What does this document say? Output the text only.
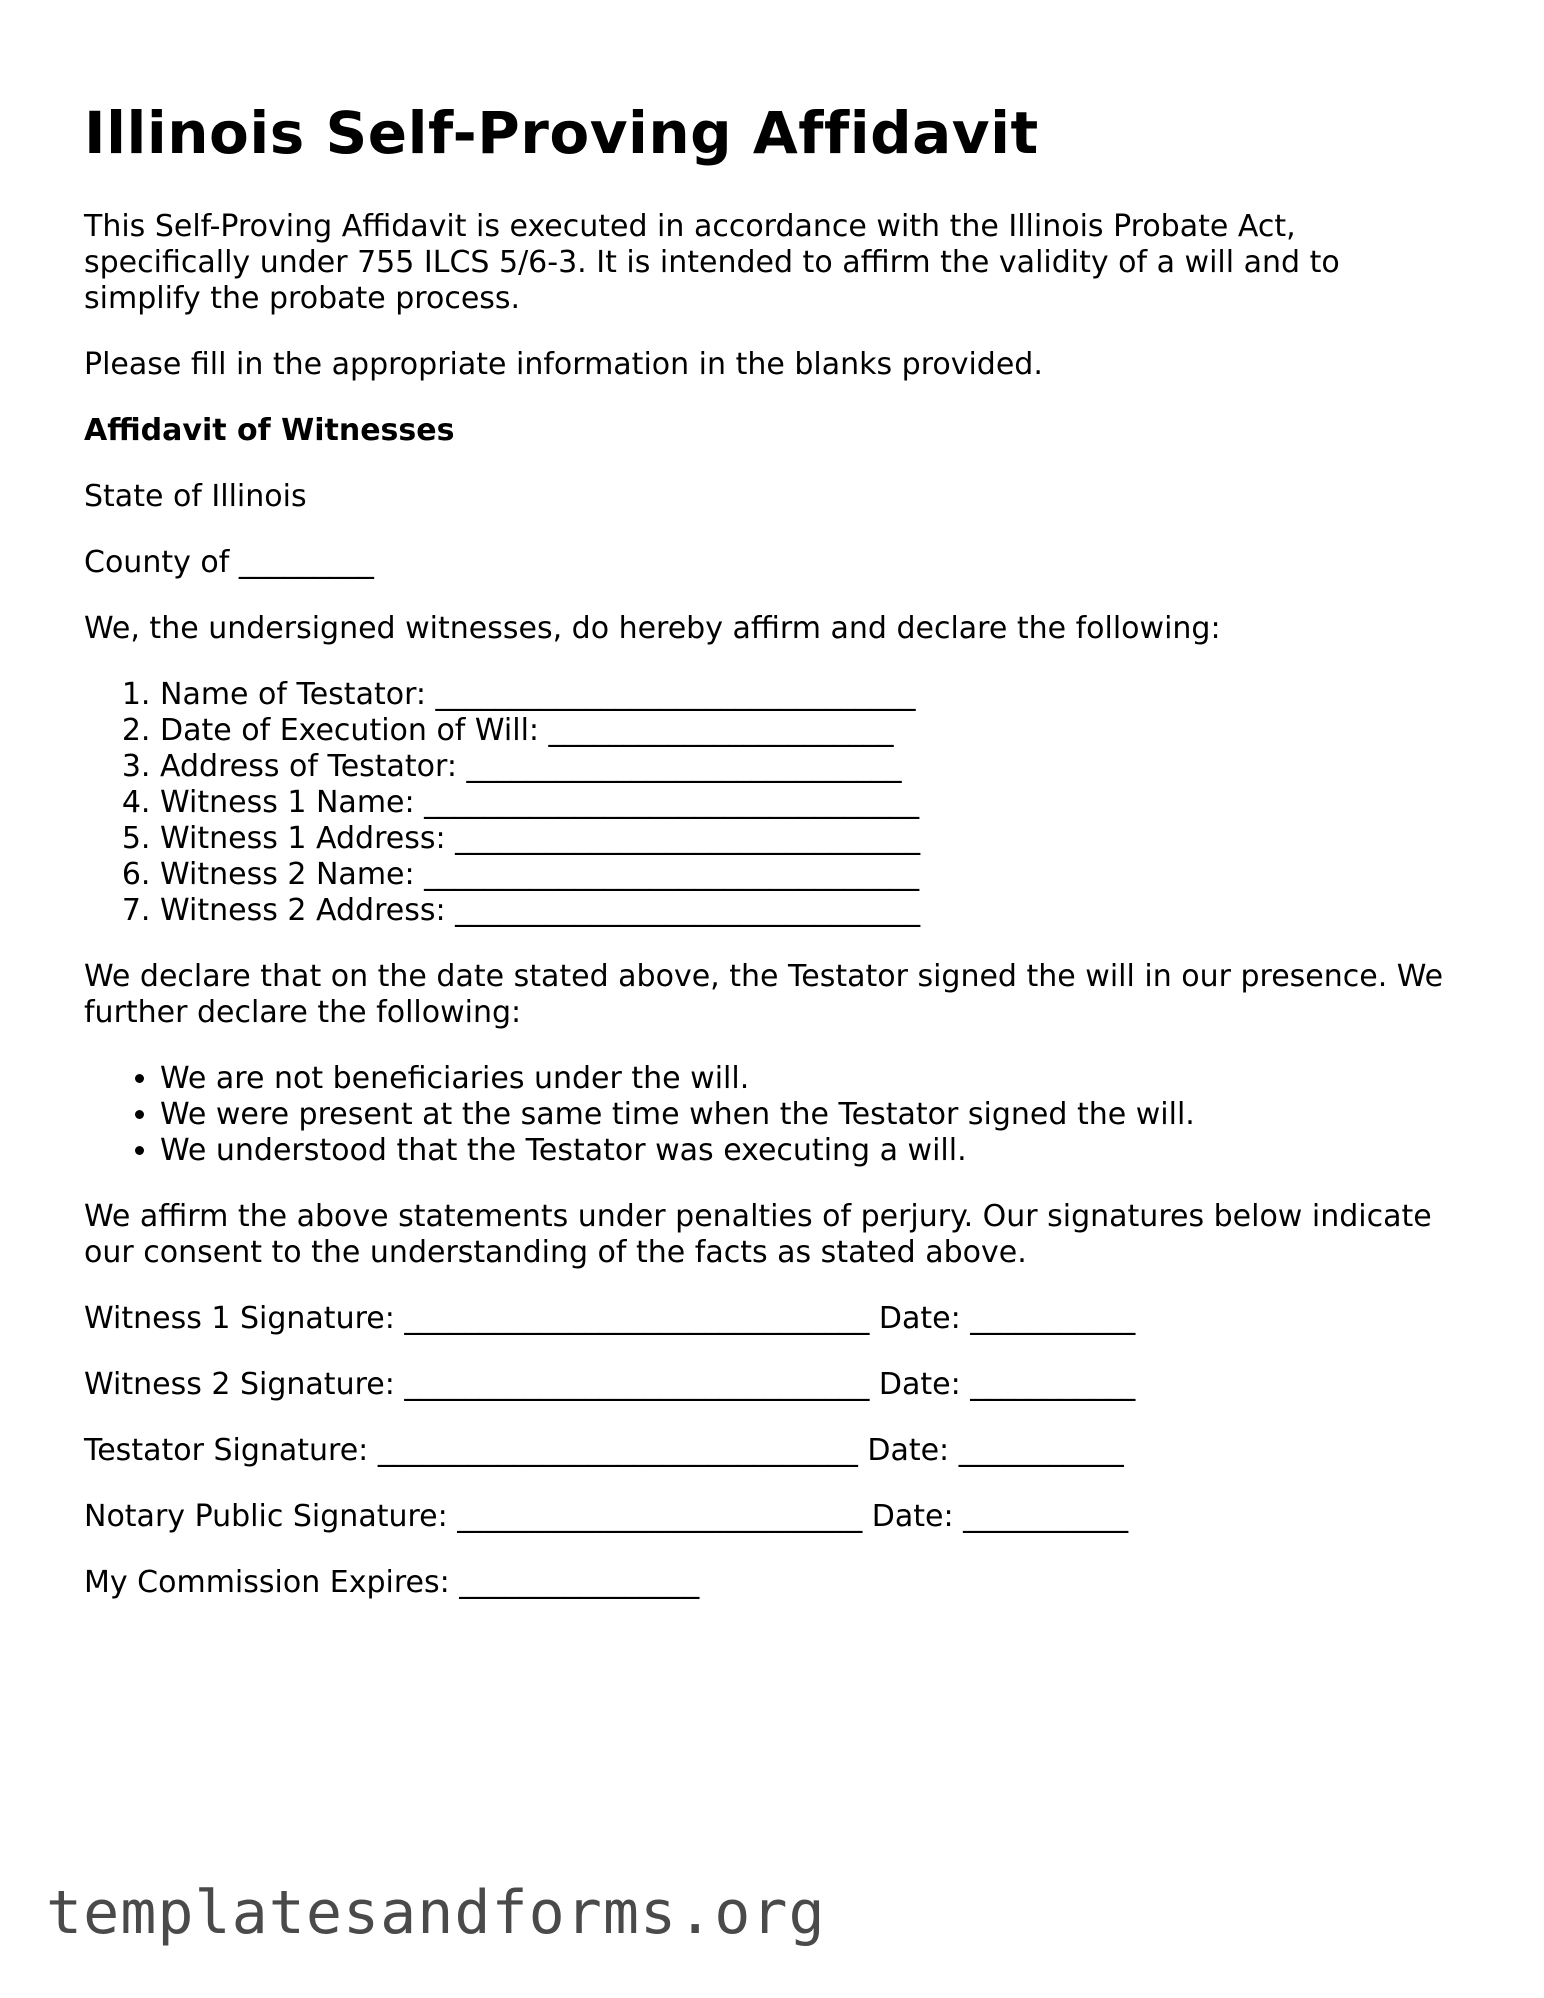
Illinois Self-Proving Affidavit

This Self-Proving Affidavit is executed in accordance with the Illinois Probate Act, specifically under 755 ILCS 5/6-3. It is intended to affirm the validity of a will and to simplify the probate process.

Please fill in the appropriate information in the blanks provided.

Affidavit of Witnesses

State of Illinois

County of _________

We, the undersigned witnesses, do hereby affirm and declare the following:

1. Name of Testator: ________________________________
2. Date of Execution of Will: _______________________
3. Address of Testator: _____________________________
4. Witness 1 Name: _________________________________
5. Witness 1 Address: _______________________________
6. Witness 2 Name: _________________________________
7. Witness 2 Address: _______________________________

We declare that on the date stated above, the Testator signed the will in our presence. We further declare the following:

• We are not beneficiaries under the will.
• We were present at the same time when the Testator signed the will.
• We understood that the Testator was executing a will.

We affirm the above statements under penalties of perjury. Our signatures below indicate our consent to the understanding of the facts as stated above.

Witness 1 Signature: _______________________________ Date: ___________

Witness 2 Signature: _______________________________ Date: ___________

Testator Signature: ________________________________ Date: ___________

Notary Public Signature: ___________________________ Date: ___________

My Commission Expires: ________________

templatesandforms.org
